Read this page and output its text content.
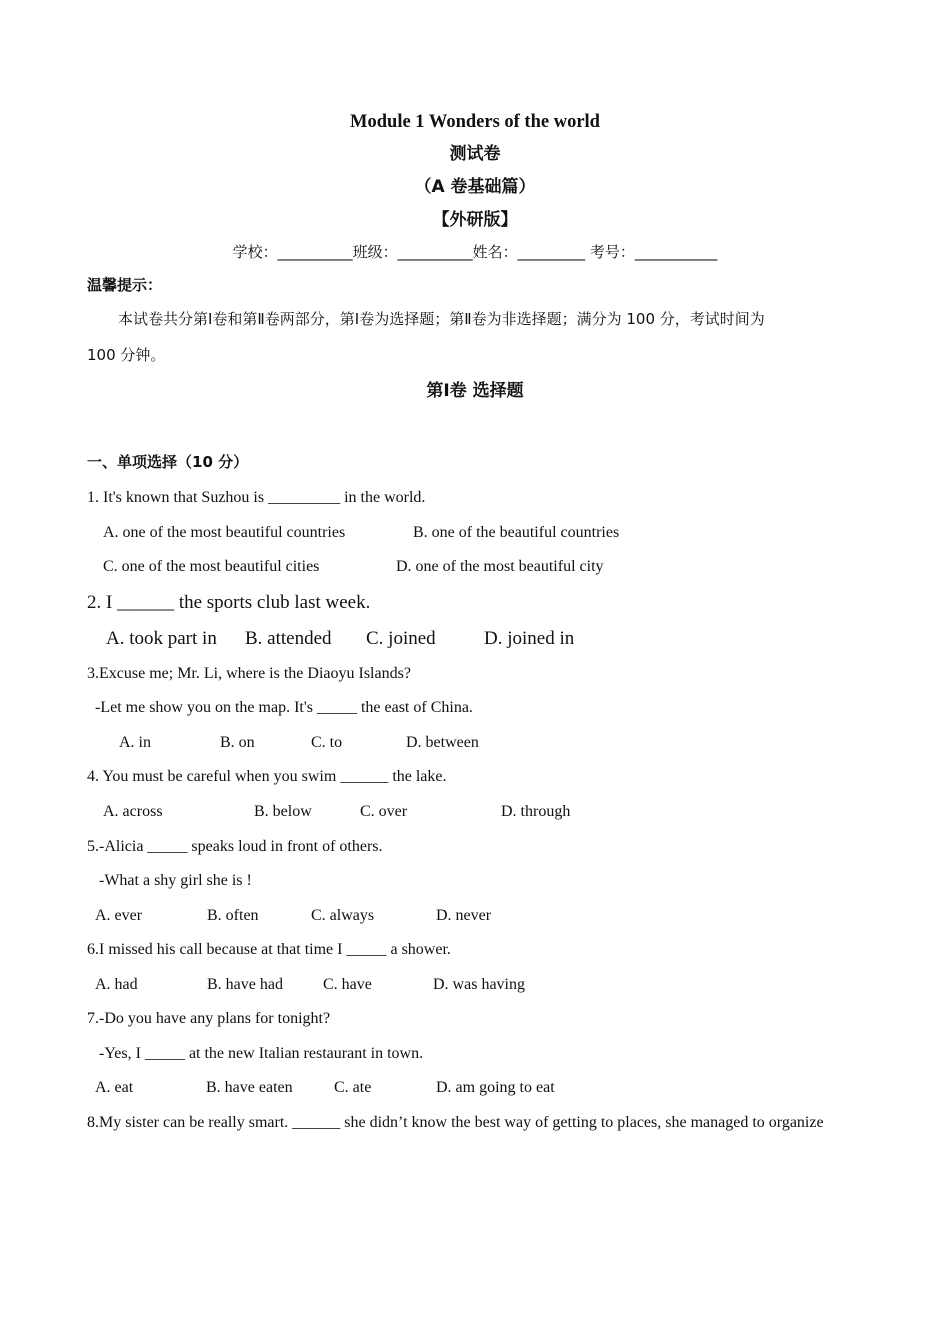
Module 1 Wonders of the world
测试卷
（A 卷基础篇）
【外研版】
学校：__________班级：__________姓名：_________ 考号：___________
温馨提示：
本试卷共分第Ⅰ卷和第Ⅱ卷两部分，第Ⅰ卷为选择题；第Ⅱ卷为非选择题；满分为 100 分，考试时间为
100 分钟。
第Ⅰ卷 选择题
一、单项选择（10 分）
1. It's known that Suzhou is _________ in the world.
A. one of the most beautiful countries	B. one of the beautiful countries
C. one of the most beautiful cities	D. one of the most beautiful city
2. I ______ the sports club last week.
A. took part in B. attended C. joined	D. joined in
3.Excuse me; Mr. Li, where is the Diaoyu Islands?
-Let me show you on the map. It's _____ the east of China.
A. in	B. on	C. to	D. between
4. You must be careful when you swim ______ the lake.
A. across	B. below	C. over	D. through
5.-Alicia _____ speaks loud in front of others.
-What a shy girl she is !
A. ever	B. often	C. always	D. never
6.I missed his call because at that time I _____ a shower.
A. had	B. have had	C. have	D. was having
7.-Do you have any plans for tonight?
-Yes, I _____ at the new Italian restaurant in town.
A. eat	B. have eaten	C. ate	D. am going to eat
8.My sister can be really smart. ______ she didn’t know the best way of getting to places, she managed to organize
